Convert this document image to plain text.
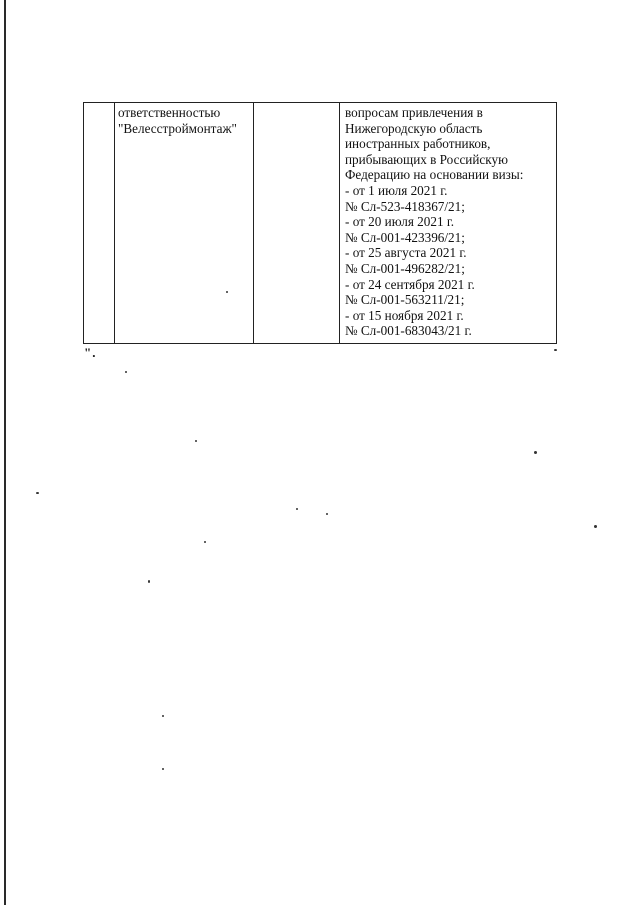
ответственностью
"Велесстроймонтаж"
вопросам привлечения в
Нижегородскую область
иностранных работников,
прибывающих в Российскую
Федерацию на основании визы:
- от 1 июля 2021 г.
№ Сл-523-418367/21;
- от 20 июля 2021 г.
№ Сл-001-423396/21;
- от 25 августа 2021 г.
№ Сл-001-496282/21;
- от 24 сентября 2021 г.
№ Сл-001-563211/21;
- от 15 ноября 2021 г.
№ Сл-001-683043/21 г.
".
